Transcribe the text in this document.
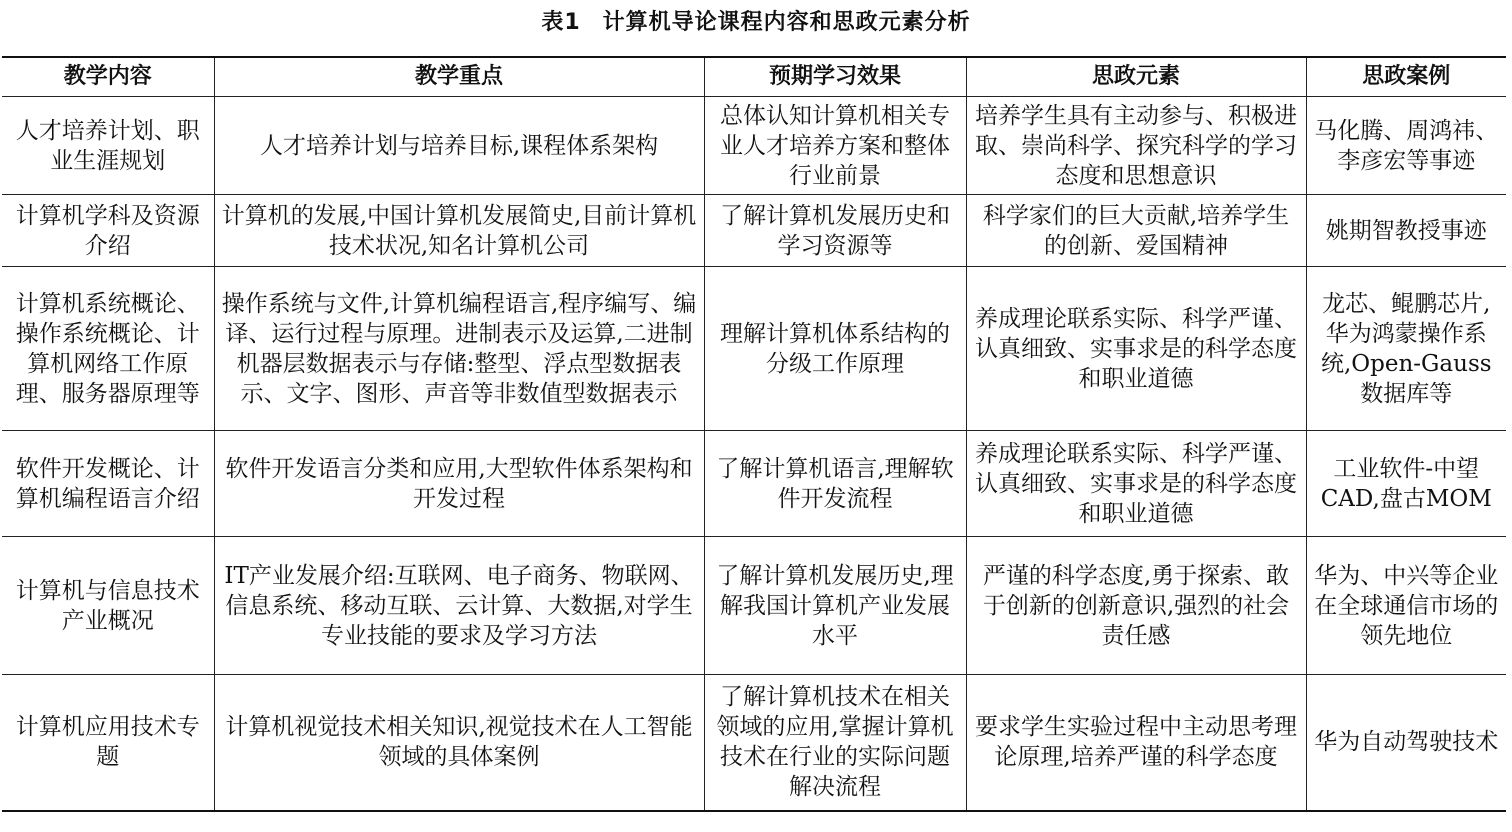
表1 计算机导论课程内容和思政元素分析
教学内容	教学重点	预期学习效果	思政元素	思政案例
人才培养计划、职业生涯规划	人才培养计划与培养目标,课程体系架构	总体认知计算机相关专业人才培养方案和整体行业前景	培养学生具有主动参与、积极进取、崇尚科学、探究科学的学习态度和思想意识	马化腾、周鸿祎、李彦宏等事迹
计算机学科及资源介绍	计算机的发展,中国计算机发展简史,目前计算机技术状况,知名计算机公司	了解计算机发展历史和学习资源等	科学家们的巨大贡献,培养学生的创新、爱国精神	姚期智教授事迹
计算机系统概论、操作系统概论、计算机网络工作原理、服务器原理等	操作系统与文件,计算机编程语言,程序编写、编译、运行过程与原理。进制表示及运算,二进制机器层数据表示与存储:整型、浮点型数据表示、文字、图形、声音等非数值型数据表示	理解计算机体系结构的分级工作原理	养成理论联系实际、科学严谨、认真细致、实事求是的科学态度和职业道德	龙芯、鲲鹏芯片,华为鸿蒙操作系统,Open-Gauss数据库等
软件开发概论、计算机编程语言介绍	软件开发语言分类和应用,大型软件体系架构和开发过程	了解计算机语言,理解软件开发流程	养成理论联系实际、科学严谨、认真细致、实事求是的科学态度和职业道德	工业软件-中望CAD,盘古MOM
计算机与信息技术产业概况	IT产业发展介绍:互联网、电子商务、物联网、信息系统、移动互联、云计算、大数据,对学生专业技能的要求及学习方法	了解计算机发展历史,理解我国计算机产业发展水平	严谨的科学态度,勇于探索、敢于创新的创新意识,强烈的社会责任感	华为、中兴等企业在全球通信市场的领先地位
计算机应用技术专题	计算机视觉技术相关知识,视觉技术在人工智能领域的具体案例	了解计算机技术在相关领域的应用,掌握计算机技术在行业的实际问题解决流程	要求学生实验过程中主动思考理论原理,培养严谨的科学态度	华为自动驾驶技术
